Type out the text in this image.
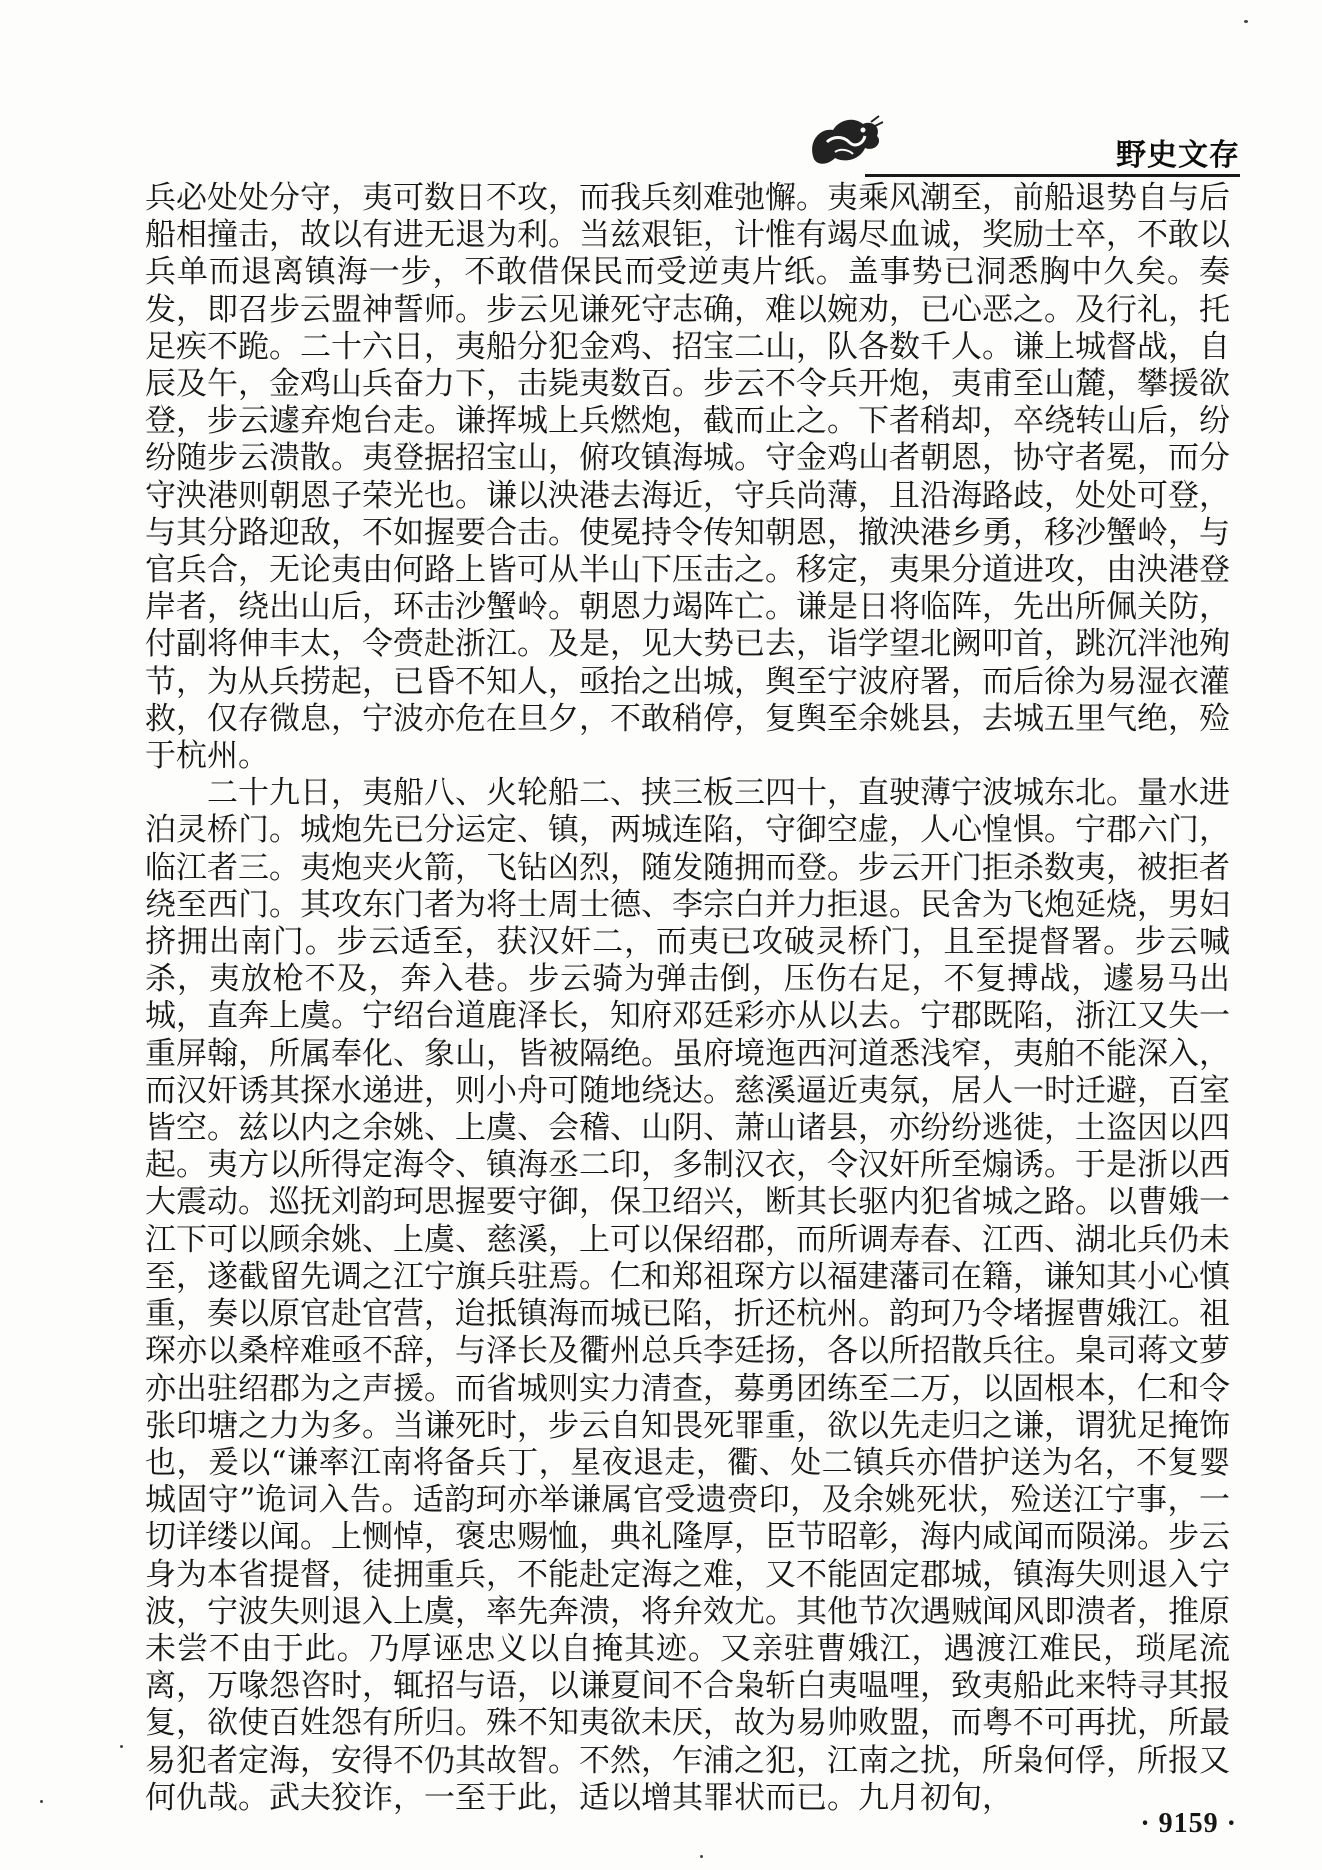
野史文存

兵必处处分守，夷可数日不攻，而我兵刻难弛懈。夷乘风潮至，前船退势自与后船相撞击，故以有进无退为利。当兹艰钜，计惟有竭尽血诚，奖励士卒，不敢以兵单而退离镇海一步，不敢借保民而受逆夷片纸。盖事势已洞悉胸中久矣。奏发，即召步云盟神誓师。步云见谦死守志确，难以婉劝，已心恶之。及行礼，托足疾不跪。二十六日，夷船分犯金鸡、招宝二山，队各数千人。谦上城督战，自辰及午，金鸡山兵奋力下，击毙夷数百。步云不令兵开炮，夷甫至山麓，攀援欲登，步云遽弃炮台走。谦挥城上兵燃炮，截而止之。下者稍却，卒绕转山后，纷纷随步云溃散。夷登据招宝山，俯攻镇海城。守金鸡山者朝恩，协守者冕，而分守泱港则朝恩子荣光也。谦以泱港去海近，守兵尚薄，且沿海路歧，处处可登，与其分路迎敌，不如握要合击。使冕持令传知朝恩，撤泱港乡勇，移沙蟹岭，与官兵合，无论夷由何路上皆可从半山下压击之。移定，夷果分道进攻，由泱港登岸者，绕出山后，环击沙蟹岭。朝恩力竭阵亡。谦是日将临阵，先出所佩关防，付副将伸丰太，令赍赴浙江。及是，见大势已去，诣学望北阙叩首，跳沉泮池殉节，为从兵捞起，已昏不知人，亟抬之出城，舆至宁波府署，而后徐为易湿衣灌救，仅存微息，宁波亦危在旦夕，不敢稍停，复舆至余姚县，去城五里气绝，殓于杭州。

二十九日，夷船八、火轮船二、挟三板三四十，直驶薄宁波城东北。量水进泊灵桥门。城炮先已分运定、镇，两城连陷，守御空虚，人心惶惧。宁郡六门，临江者三。夷炮夹火箭，飞钻凶烈，随发随拥而登。步云开门拒杀数夷，被拒者绕至西门。其攻东门者为将士周士德、李宗白并力拒退。民舍为飞炮延烧，男妇挤拥出南门。步云适至，获汉奸二，而夷已攻破灵桥门，且至提督署。步云喊杀，夷放枪不及，奔入巷。步云骑为弹击倒，压伤右足，不复搏战，遽易马出城，直奔上虞。宁绍台道鹿泽长，知府邓廷彩亦从以去。宁郡既陷，浙江又失一重屏翰，所属奉化、象山，皆被隔绝。虽府境迤西河道悉浅窄，夷舶不能深入，而汉奸诱其探水递进，则小舟可随地绕达。慈溪逼近夷氛，居人一时迁避，百室皆空。兹以内之余姚、上虞、会稽、山阴、萧山诸县，亦纷纷逃徙，土盗因以四起。夷方以所得定海令、镇海丞二印，多制汉衣，令汉奸所至煽诱。于是浙以西大震动。巡抚刘韵珂思握要守御，保卫绍兴，断其长驱内犯省城之路。以曹娥一江下可以顾余姚、上虞、慈溪，上可以保绍郡，而所调寿春、江西、湖北兵仍未至，遂截留先调之江宁旗兵驻焉。仁和郑祖琛方以福建藩司在籍，谦知其小心慎重，奏以原官赴官营，迨抵镇海而城已陷，折还杭州。韵珂乃令堵握曹娥江。祖琛亦以桑梓难亟不辞，与泽长及衢州总兵李廷扬，各以所招散兵往。臬司蒋文萝亦出驻绍郡为之声援。而省城则实力清查，募勇团练至二万，以固根本，仁和令张印塘之力为多。当谦死时，步云自知畏死罪重，欲以先走归之谦，谓犹足掩饰也，爰以“谦率江南将备兵丁，星夜退走，衢、处二镇兵亦借护送为名，不复婴城固守”诡词入告。适韵珂亦举谦属官受遗赍印，及余姚死状，殓送江宁事，一切详缕以闻。上恻悼，褒忠赐恤，典礼隆厚，臣节昭彰，海内咸闻而陨涕。步云身为本省提督，徒拥重兵，不能赴定海之难，又不能固定郡城，镇海失则退入宁波，宁波失则退入上虞，率先奔溃，将弁效尤。其他节次遇贼闻风即溃者，推原未尝不由于此。乃厚诬忠义以自掩其迹。又亲驻曹娥江，遇渡江难民，琐尾流离，万喙怨咨时，辄招与语，以谦夏间不合枭斩白夷嗢哩，致夷船此来特寻其报复，欲使百姓怨有所归。殊不知夷欲未厌，故为易帅败盟，而粤不可再扰，所最易犯者定海，安得不仍其故智。不然，乍浦之犯，江南之扰，所枭何俘，所报又何仇哉。武夫狡诈，一至于此，适以增其罪状而已。九月初旬，

· 9159 ·
